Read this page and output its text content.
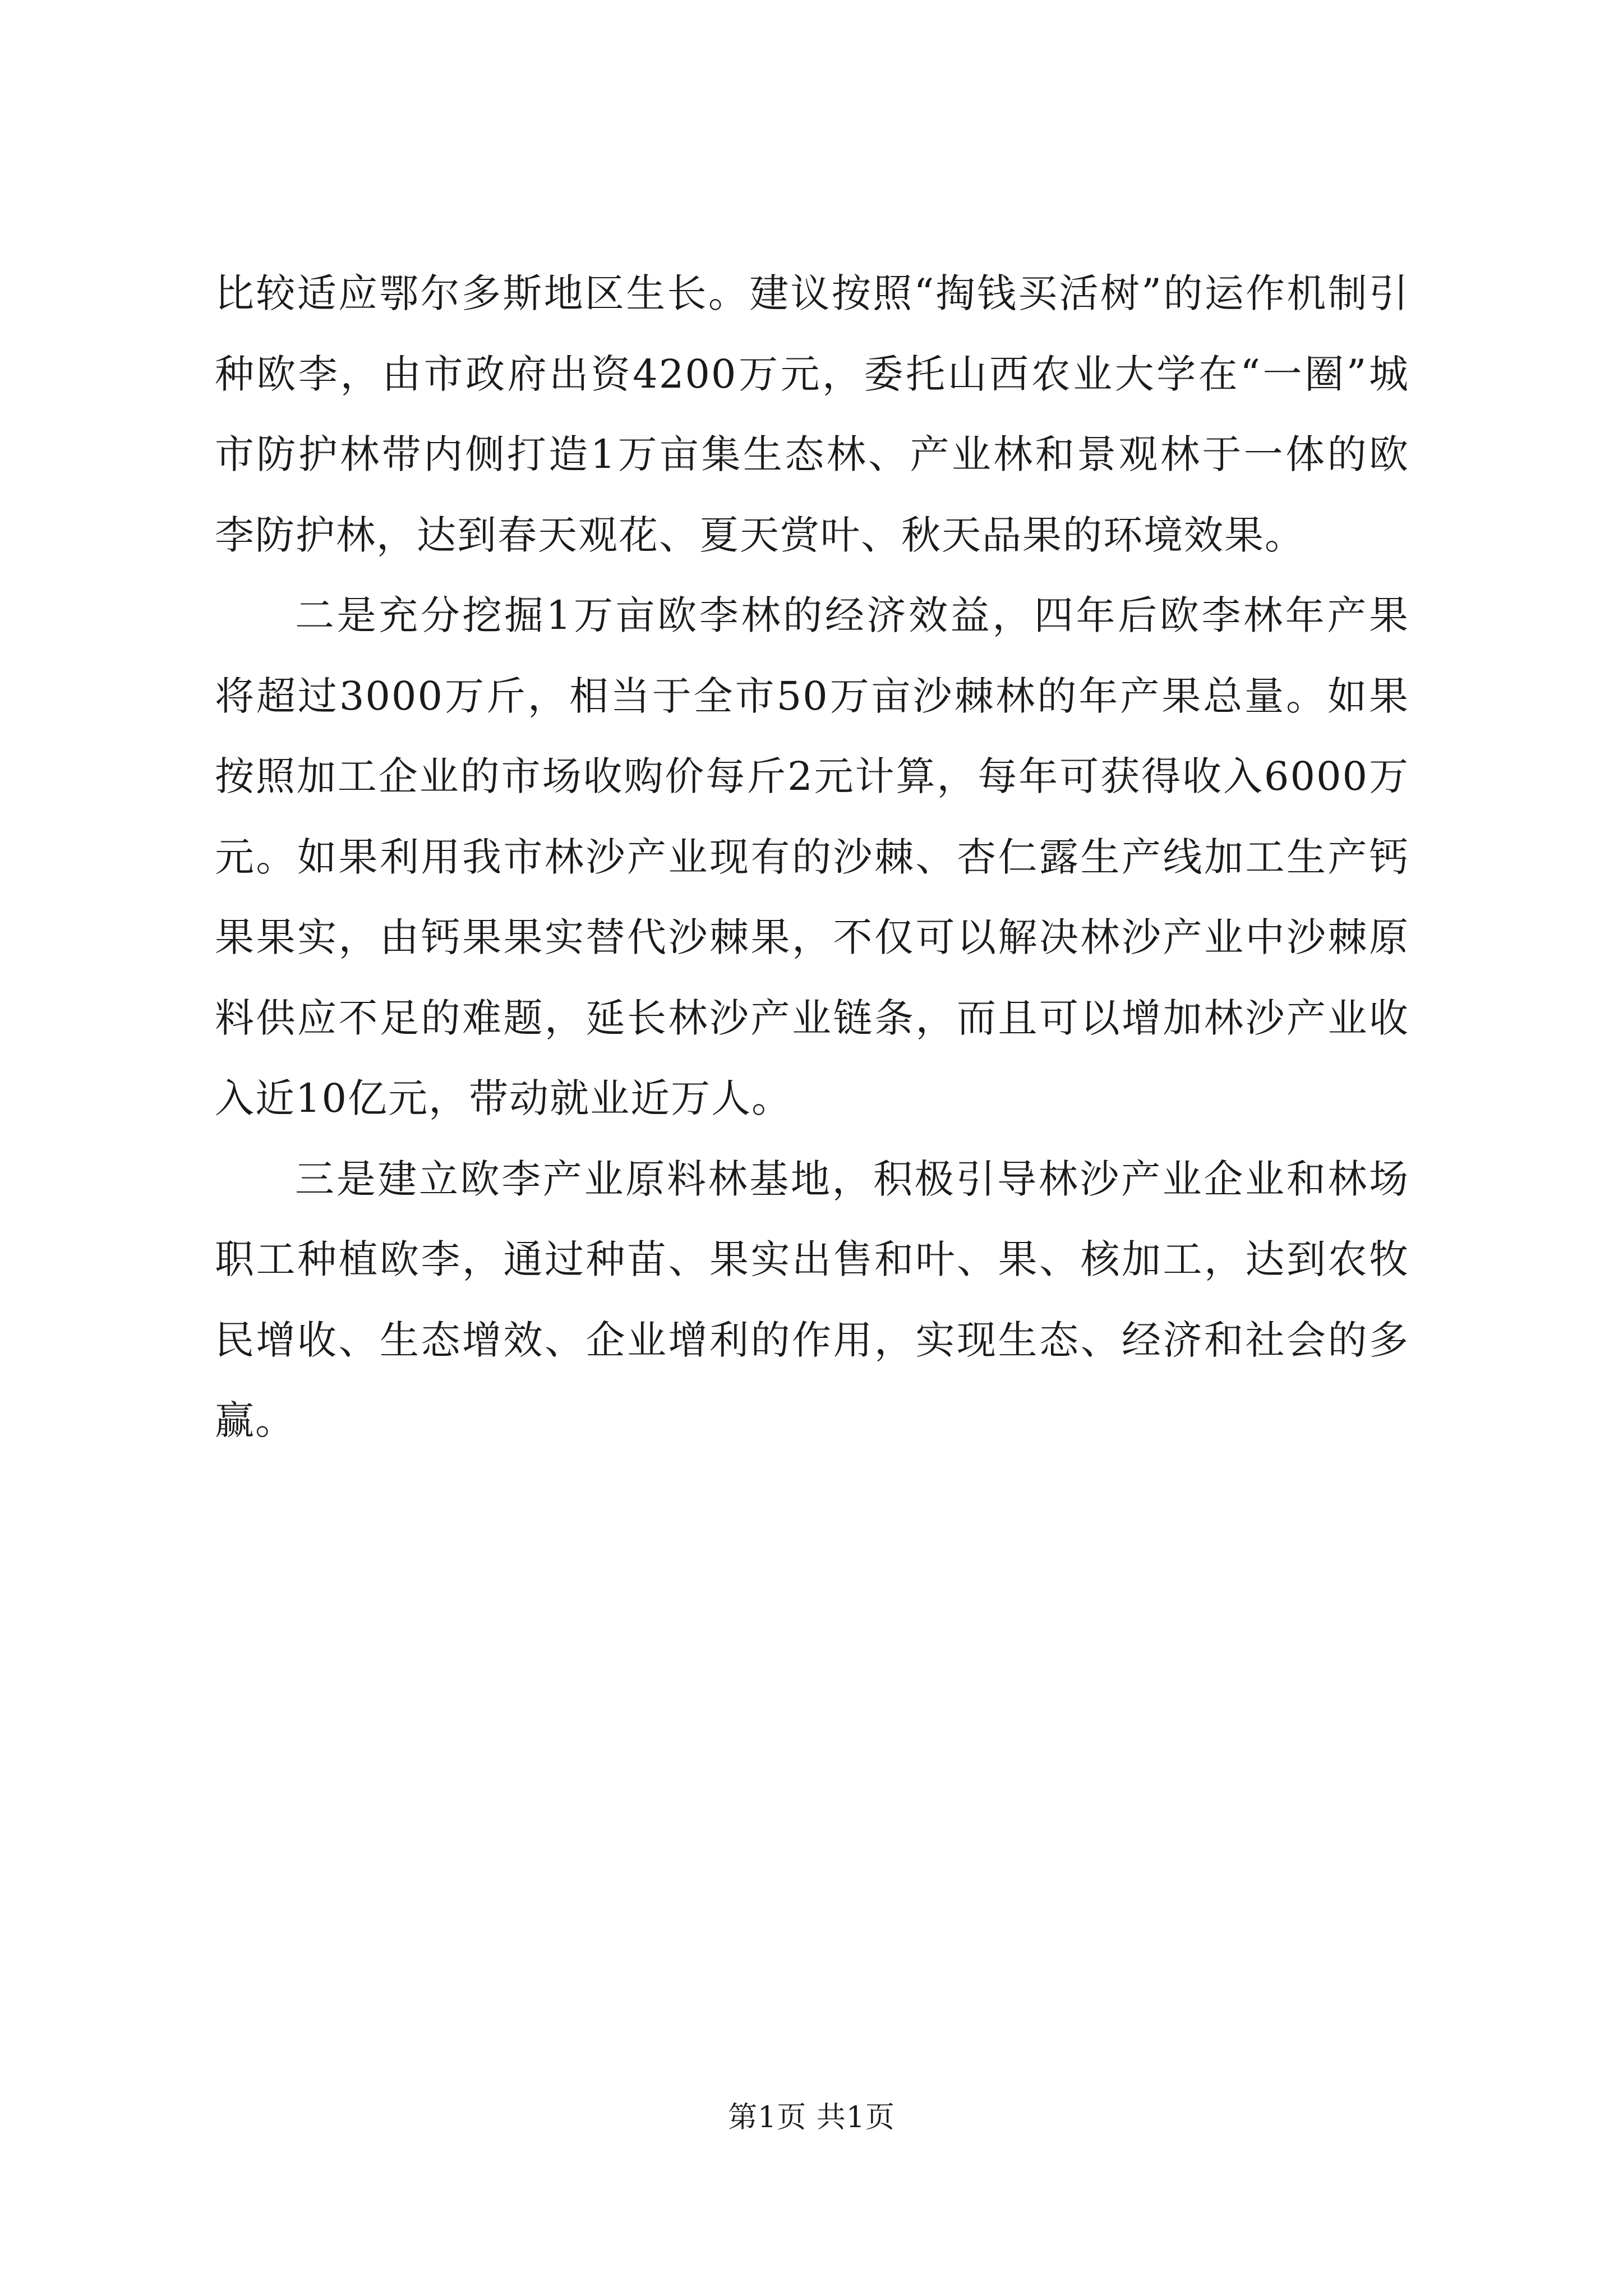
比较适应鄂尔多斯地区生长。建议按照“掏钱买活树”的运作机制引种欧李，由市政府出资4200万元，委托山西农业大学在“一圈”城市防护林带内侧打造1万亩集生态林、产业林和景观林于一体的欧李防护林，达到春天观花、夏天赏叶、秋天品果的环境效果。

二是充分挖掘1万亩欧李林的经济效益，四年后欧李林年产果将超过3000万斤，相当于全市50万亩沙棘林的年产果总量。如果按照加工企业的市场收购价每斤2元计算，每年可获得收入6000万元。如果利用我市林沙产业现有的沙棘、杏仁露生产线加工生产钙果果实，由钙果果实替代沙棘果，不仅可以解决林沙产业中沙棘原料供应不足的难题，延长林沙产业链条，而且可以增加林沙产业收入近10亿元，带动就业近万人。

三是建立欧李产业原料林基地，积极引导林沙产业企业和林场职工种植欧李，通过种苗、果实出售和叶、果、核加工，达到农牧民增收、生态增效、企业增利的作用，实现生态、经济和社会的多赢。

第1页 共1页
